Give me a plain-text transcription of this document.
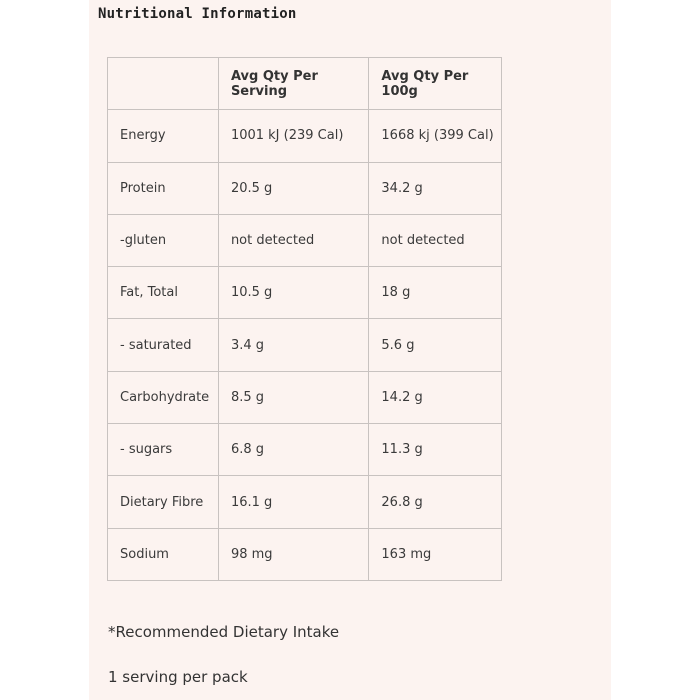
Nutritional Information
	Avg Qty Per Serving	Avg Qty Per 100g
Energy	1001 kJ (239 Cal)	1668 kj (399 Cal)
Protein	20.5 g	34.2 g
-gluten	not detected	not detected
Fat, Total	10.5 g	18 g
- saturated	3.4 g	5.6 g
Carbohydrate	8.5 g	14.2 g
- sugars	6.8 g	11.3 g
Dietary Fibre	16.1 g	26.8 g
Sodium	98 mg	163 mg

*Recommended Dietary Intake

1 serving per pack
